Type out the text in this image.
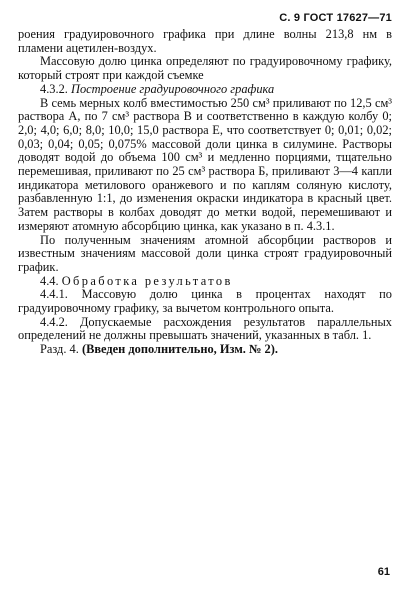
С. 9 ГОСТ 17627—71

роения градуировочного графика при длине волны 213,8 нм в пламени ацетилен-воздух.

Массовую долю цинка определяют по градуировочному графику, который строят при каждой съемке

4.3.2. Построение градуировочного графика

В семь мерных колб вместимостью 250 см³ приливают по 12,5 см³ раствора А, по 7 см³ раствора В и соответственно в каждую колбу 0; 2,0; 4,0; 6,0; 8,0; 10,0; 15,0 раствора Е, что соответствует 0; 0,01; 0,02; 0,03; 0,04; 0,05; 0,075% массовой доли цинка в силумине. Растворы доводят водой до объема 100 см³ и медленно порциями, тщательно перемешивая, приливают по 25 см³ раствора Б, приливают 3—4 капли индикатора метилового оранжевого и по каплям соляную кислоту, разбавленную 1:1, до изменения окраски индикатора в красный цвет. Затем растворы в колбах доводят до метки водой, перемешивают и измеряют атомную абсорбцию цинка, как указано в п. 4.3.1.

По полученным значениям атомной абсорбции растворов и известным значениям массовой доли цинка строят градуировочный график.

4.4. Обработка результатов

4.4.1. Массовую долю цинка в процентах находят по градуировочному графику, за вычетом контрольного опыта.

4.4.2. Допускаемые расхождения результатов параллельных определений не должны превышать значений, указанных в табл. 1.

Разд. 4. (Введен дополнительно, Изм. № 2).

61
